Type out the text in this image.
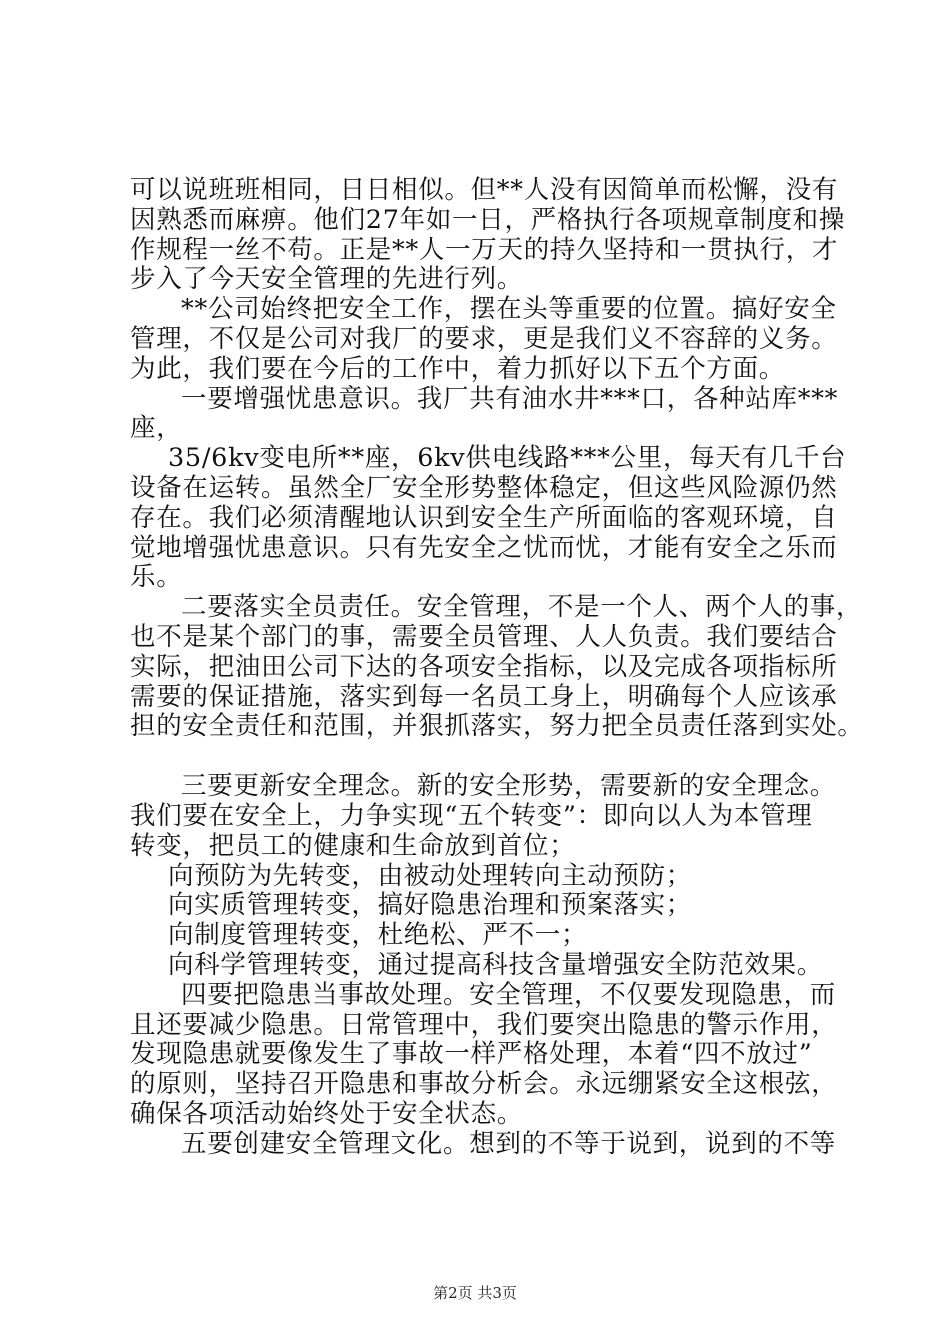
可以说班班相同，日日相似。但**人没有因简单而松懈，没有
因熟悉而麻痹。他们27年如一日，严格执行各项规章制度和操
作规程一丝不苟。正是**人一万天的持久坚持和一贯执行，才
步入了今天安全管理的先进行列。
**公司始终把安全工作，摆在头等重要的位置。搞好安全
管理，不仅是公司对我厂的要求，更是我们义不容辞的义务。
为此，我们要在今后的工作中，着力抓好以下五个方面。
一要增强忧患意识。我厂共有油水井***口，各种站库***
座，
35/6kv变电所**座，6kv供电线路***公里，每天有几千台
设备在运转。虽然全厂安全形势整体稳定，但这些风险源仍然
存在。我们必须清醒地认识到安全生产所面临的客观环境，自
觉地增强忧患意识。只有先安全之忧而忧，才能有安全之乐而
乐。
二要落实全员责任。安全管理，不是一个人、两个人的事，
也不是某个部门的事，需要全员管理、人人负责。我们要结合
实际，把油田公司下达的各项安全指标，以及完成各项指标所
需要的保证措施，落实到每一名员工身上，明确每个人应该承
担的安全责任和范围，并狠抓落实，努力把全员责任落到实处。
三要更新安全理念。新的安全形势，需要新的安全理念。
我们要在安全上，力争实现“五个转变”：即向以人为本管理
转变，把员工的健康和生命放到首位；
向预防为先转变，由被动处理转向主动预防；
向实质管理转变，搞好隐患治理和预案落实；
向制度管理转变，杜绝松、严不一；
向科学管理转变，通过提高科技含量增强安全防范效果。
四要把隐患当事故处理。安全管理，不仅要发现隐患，而
且还要减少隐患。日常管理中，我们要突出隐患的警示作用，
发现隐患就要像发生了事故一样严格处理，本着“四不放过”
的原则，坚持召开隐患和事故分析会。永远绷紧安全这根弦，
确保各项活动始终处于安全状态。
五要创建安全管理文化。想到的不等于说到，说到的不等
第2页 共3页
